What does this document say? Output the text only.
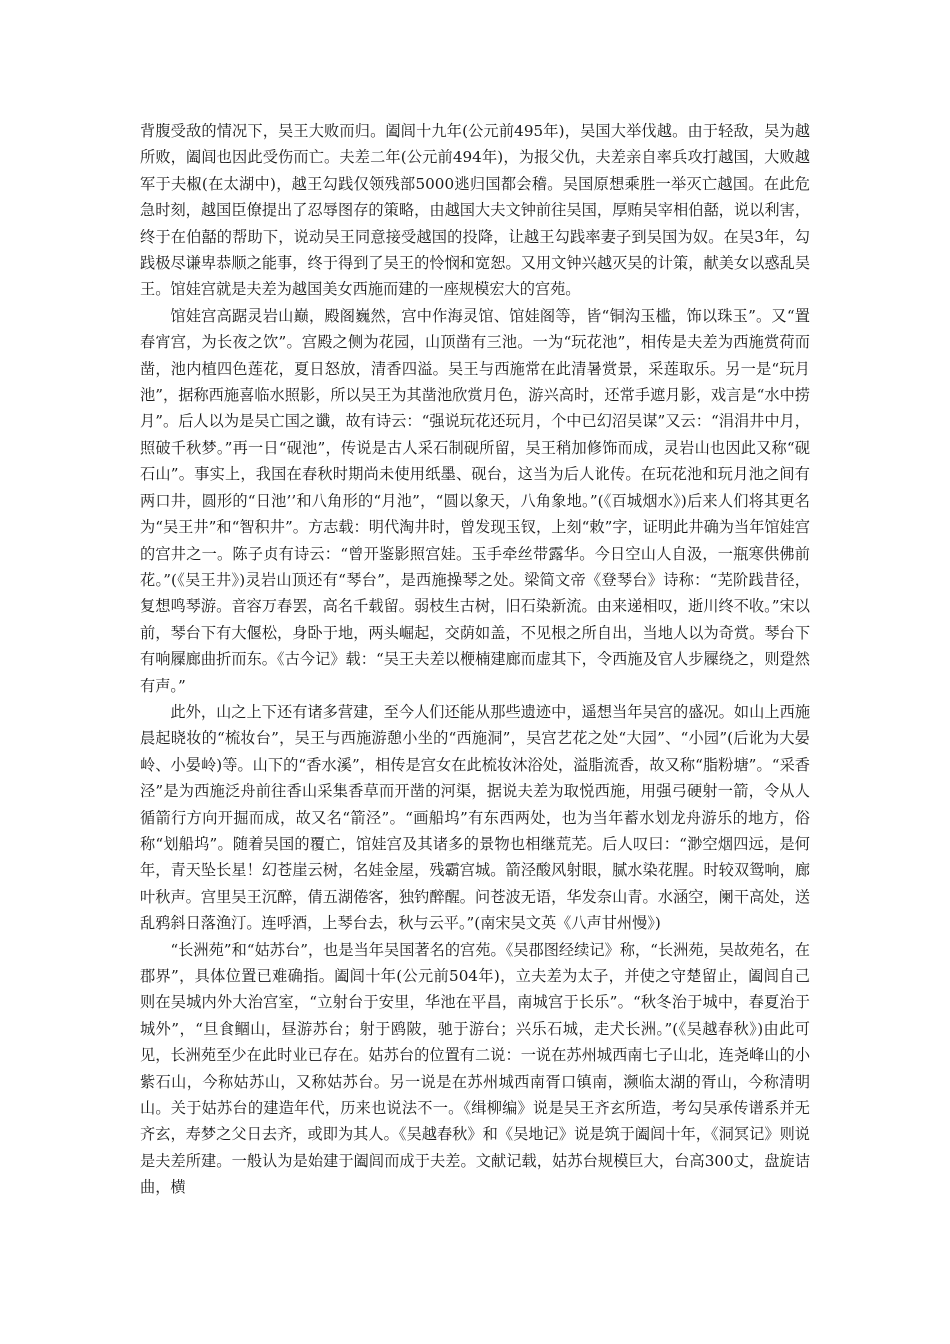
背腹受敌的情况下，吴王大败而归。阖闾十九年(公元前495年)，吴国大举伐越。由于轻敌，吴为越所败，阖闾也因此受伤而亡。夫差二年(公元前494年)，为报父仇，夫差亲自率兵攻打越国，大败越军于夫椒(在太湖中)，越王勾践仅领残部5000逃归国都会稽。吴国原想乘胜一举灭亡越国。在此危急时刻，越国臣僚提出了忍辱图存的策略，由越国大夫文钟前往吴国，厚贿吴宰相伯嚭，说以利害，终于在伯嚭的帮助下，说动吴王同意接受越国的投降，让越王勾践率妻子到吴国为奴。在吴3年，勾践极尽谦卑恭顺之能事，终于得到了吴王的怜悯和宽恕。又用文钟兴越灭吴的计策，献美女以惑乱吴王。馆娃宫就是夫差为越国美女西施而建的一座规模宏大的宫苑。

馆娃宫高踞灵岩山巅，殿阁巍然，宫中作海灵馆、馆娃阁等，皆“铜沟玉槛，饰以珠玉”。又“置春宵宫，为长夜之饮”。宫殿之侧为花园，山顶凿有三池。一为“玩花池”，相传是夫差为西施赏荷而凿，池内植四色莲花，夏日怒放，清香四溢。吴王与西施常在此清暑赏景，采莲取乐。另一是“玩月池”，据称西施喜临水照影，所以吴王为其凿池欣赏月色，游兴高时，还常手遮月影，戏言是“水中捞月”。后人以为是吴亡国之谶，故有诗云：“强说玩花还玩月，个中已幻沼吴谋”又云：“涓涓井中月，照破千秋梦。”再一日“砚池”，传说是古人采石制砚所留，吴王稍加修饰而成，灵岩山也因此又称“砚石山”。事实上，我国在春秋时期尚未使用纸墨、砚台，这当为后人讹传。在玩花池和玩月池之间有两口井，圆形的“日池’’和八角形的“月池”，“圆以象天，八角象地。”(《百城烟水》)后来人们将其更名为“吴王井”和“智积井”。方志载：明代淘井时，曾发现玉钗，上刻“敕”字，证明此井确为当年馆娃宫的宫井之一。陈子贞有诗云：“曾开鉴影照宫娃。玉手牵丝带露华。今日空山人自汲，一瓶寒供佛前花。”(《吴王井》)灵岩山顶还有“琴台”，是西施操琴之处。梁简文帝《登琴台》诗称：“芜阶践昔径，复想鸣琴游。音容万春罢，高名千载留。弱枝生古树，旧石染新流。由来递相叹，逝川终不收。”宋以前，琴台下有大偃松，身卧于地，两头崛起，交荫如盖，不见根之所自出，当地人以为奇赏。琴台下有响屧廊曲折而东。《古今记》载：“吴王夫差以楩楠建廊而虚其下，令西施及官人步屧绕之，则跫然有声。”

此外，山之上下还有诸多营建，至今人们还能从那些遗迹中，遥想当年吴宫的盛况。如山上西施晨起晓妆的“梳妆台”，吴王与西施游憩小坐的“西施洞”，吴宫艺花之处“大园”、“小园”(后讹为大晏岭、小晏岭)等。山下的“香水溪”，相传是宫女在此梳妆沐浴处，溢脂流香，故又称“脂粉塘”。“采香泾”是为西施泛舟前往香山采集香草而开凿的河渠，据说夫差为取悦西施，用强弓硬射一箭，令从人循箭行方向开掘而成，故又名“箭泾”。“画船坞”有东西两处，也为当年蓄水划龙舟游乐的地方，俗称“划船坞”。随着吴国的覆亡，馆娃宫及其诸多的景物也相继荒芜。后人叹曰：“渺空烟四远，是何年，青天坠长星！幻苍崖云树，名娃金屋，残霸宫城。箭泾酸风射眼，腻水染花腥。时较双鸳响，廊叶秋声。宫里吴王沉醉，倩五湖倦客，独钓醉醒。问苍波无语，华发奈山青。水涵空，阑干高处，送乱鸦斜日落渔汀。连呼酒，上琴台去，秋与云平。”(南宋吴文英《八声甘州慢》)

“长洲苑”和“姑苏台”，也是当年吴国著名的宫苑。《吴郡图经续记》称，“长洲苑，吴故苑名，在郡界”，具体位置已难确指。阖闾十年(公元前504年)，立夫差为太子，并使之守楚留止，阖闾自己则在吴城内外大治宫室，“立射台于安里，华池在平昌，南城宫于长乐”。“秋冬治于城中，春夏治于城外”，“旦食鲴山，昼游苏台；射于鸥陂，驰于游台；兴乐石城，走犬长洲。”(《吴越春秋》)由此可见，长洲苑至少在此时业已存在。姑苏台的位置有二说：一说在苏州城西南七子山北，连尧峰山的小紫石山，今称姑苏山，又称姑苏台。另一说是在苏州城西南胥口镇南，濒临太湖的胥山，今称清明山。关于姑苏台的建造年代，历来也说法不一。《缉柳编》说是吴王齐玄所造，考勾吴承传谱系并无齐玄，寿梦之父日去齐，或即为其人。《吴越春秋》和《吴地记》说是筑于阖闾十年，《洞冥记》则说是夫差所建。一般认为是始建于阖闾而成于夫差。文献记载，姑苏台规模巨大，台高300丈，盘旋诘曲，横
